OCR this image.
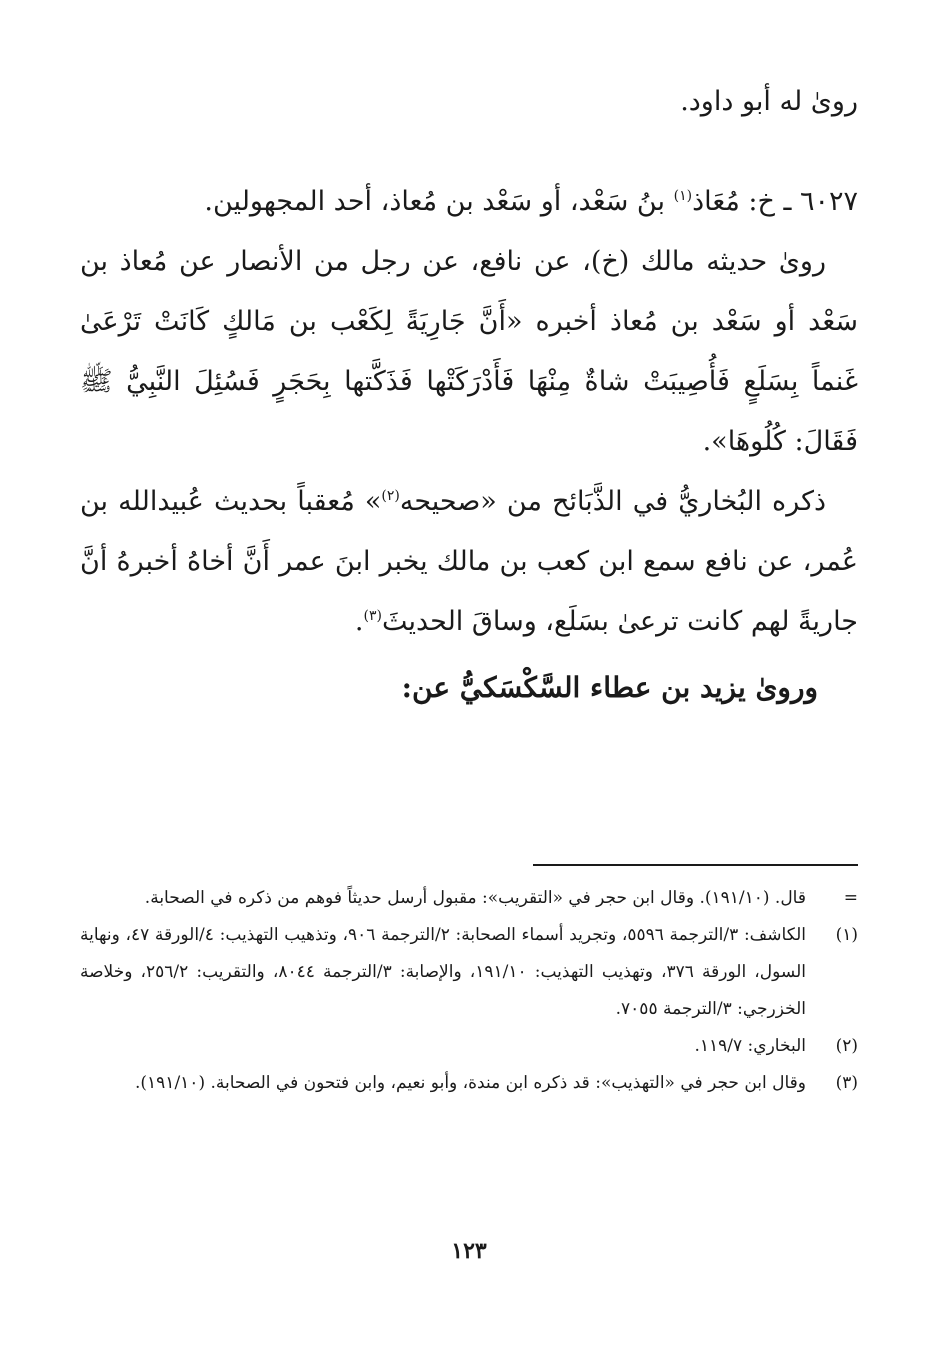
روىٰ له أبو داود.

٦٠٢٧ ـ خ: مُعَاذ$^{(١)}$ بنُ سَعْد، أو سَعْد بن مُعاذ، أحد المجهولين.

روىٰ حديثه مالك (خ)، عن نافع، عن رجل من الأنصار عن مُعاذ بن سَعْد أو سَعْد بن مُعاذ أخبره «أَنَّ جَارِيَةً لِكَعْب بن مَالكٍ كَانَتْ تَرْعَىٰ غَنماً بِسَلَعٍ فَأُصِيبَتْ شاةٌ مِنْهَا فَأَدْرَكَتْها فَذَكَّتها بِحَجَرٍ فَسُئِلَ النَّبِيُّ ﷺ فَقَالَ: كُلُوهَا».

ذكره البُخاريُّ في الذَّبَائح من «صحيحه$^{(٢)}$» مُعقباً بحديث عُبيدالله بن عُمر، عن نافع سمع ابن كعب بن مالك يخبر ابنَ عمر أَنَّ أخاهُ أخبرهُ أنَّ جاريةً لهم كانت ترعىٰ بسَلَع، وساقَ الحديثَ$^{(٣)}$.

وروىٰ يزيد بن عطاء السَّكْسَكيُّ عن:

=
قال. (١٩١/١٠). وقال ابن حجر في «التقريب»: مقبول أرسل حديثاً فوهم من ذكره في الصحابة.
(١)
الكاشف: ٣/الترجمة ٥٥٩٦، وتجريد أسماء الصحابة: ٢/الترجمة ٩٠٦، وتذهيب التهذيب: ٤/الورقة ٤٧، ونهاية السول، الورقة ٣٧٦، وتهذيب التهذيب: ١٩١/١٠، والإصابة: ٣/الترجمة ٨٠٤٤، والتقريب: ٢٥٦/٢، وخلاصة الخزرجي: ٣/الترجمة ٧٠٥٥.
(٢)
البخاري: ١١٩/٧.
(٣)
وقال ابن حجر في «التهذيب»: قد ذكره ابن مندة، وأبو نعيم، وابن فتحون في الصحابة. (١٩١/١٠).
١٢٣
